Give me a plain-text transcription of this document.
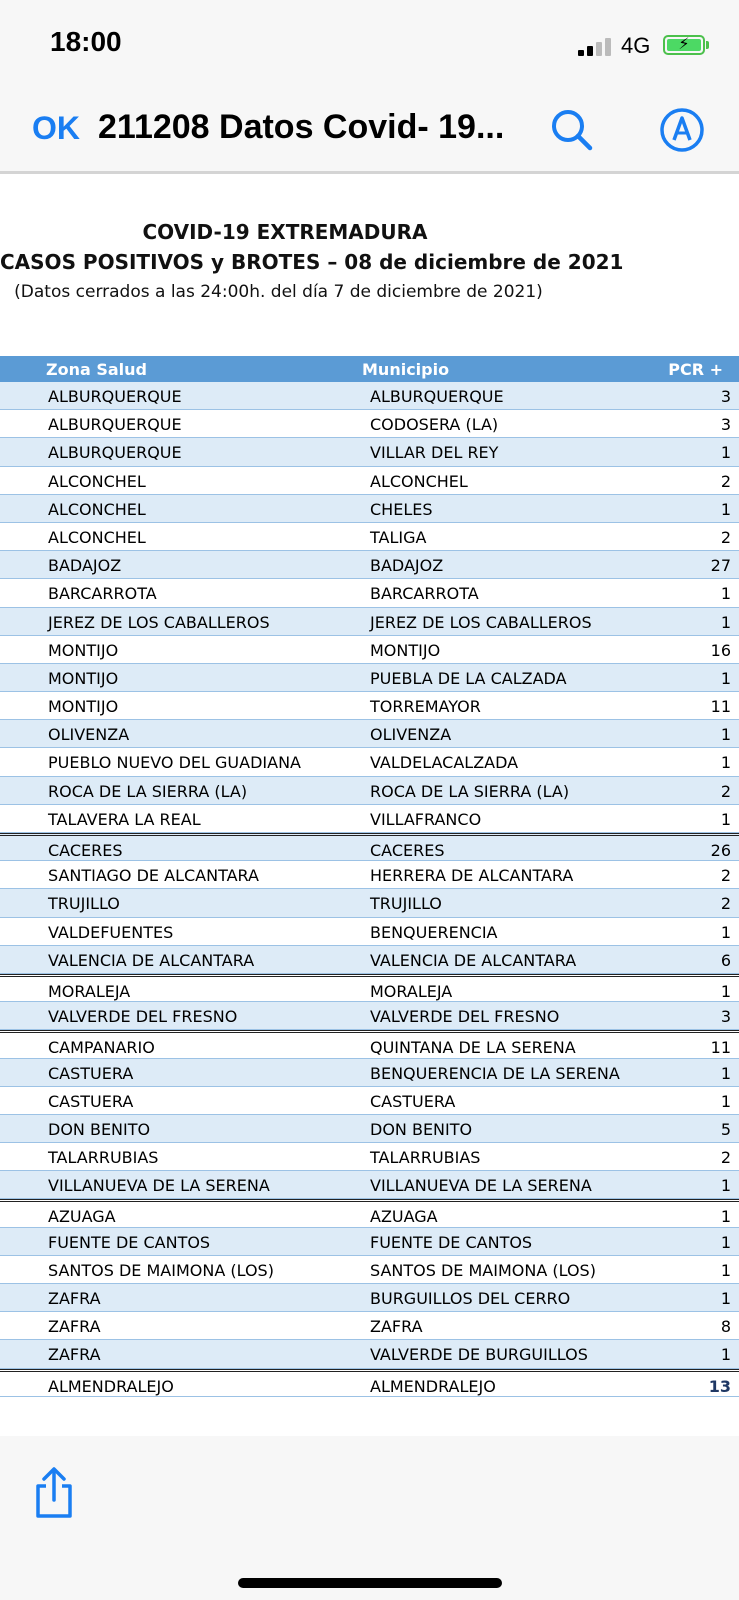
18:00	4G	⚡
OK 211208 Datos Covid- 19...
COVID-19 EXTREMADURA
CASOS POSITIVOS y BROTES – 08 de diciembre de 2021
(Datos cerrados a las 24:00h. del día 7 de diciembre de 2021)
Zona Salud	Municipio	PCR +
ALBURQUERQUE	ALBURQUERQUE	3
ALBURQUERQUE	CODOSERA (LA)	3
ALBURQUERQUE	VILLAR DEL REY	1
ALCONCHEL	ALCONCHEL	2
ALCONCHEL	CHELES	1
ALCONCHEL	TALIGA	2
BADAJOZ	BADAJOZ	27
BARCARROTA	BARCARROTA	1
JEREZ DE LOS CABALLEROS	JEREZ DE LOS CABALLEROS	1
MONTIJO	MONTIJO	16
MONTIJO	PUEBLA DE LA CALZADA	1
MONTIJO	TORREMAYOR	11
OLIVENZA	OLIVENZA	1
PUEBLO NUEVO DEL GUADIANA	VALDELACALZADA	1
ROCA DE LA SIERRA (LA)	ROCA DE LA SIERRA (LA)	2
TALAVERA LA REAL	VILLAFRANCO	1
CACERES	CACERES	26
SANTIAGO DE ALCANTARA	HERRERA DE ALCANTARA	2
TRUJILLO	TRUJILLO	2
VALDEFUENTES	BENQUERENCIA	1
VALENCIA DE ALCANTARA	VALENCIA DE ALCANTARA	6
MORALEJA	MORALEJA	1
VALVERDE DEL FRESNO	VALVERDE DEL FRESNO	3
CAMPANARIO	QUINTANA DE LA SERENA	11
CASTUERA	BENQUERENCIA DE LA SERENA	1
CASTUERA	CASTUERA	1
DON BENITO	DON BENITO	5
TALARRUBIAS	TALARRUBIAS	2
VILLANUEVA DE LA SERENA	VILLANUEVA DE LA SERENA	1
AZUAGA	AZUAGA	1
FUENTE DE CANTOS	FUENTE DE CANTOS	1
SANTOS DE MAIMONA (LOS)	SANTOS DE MAIMONA (LOS)	1
ZAFRA	BURGUILLOS DEL CERRO	1
ZAFRA	ZAFRA	8
ZAFRA	VALVERDE DE BURGUILLOS	1
ALMENDRALEJO	ALMENDRALEJO	13
